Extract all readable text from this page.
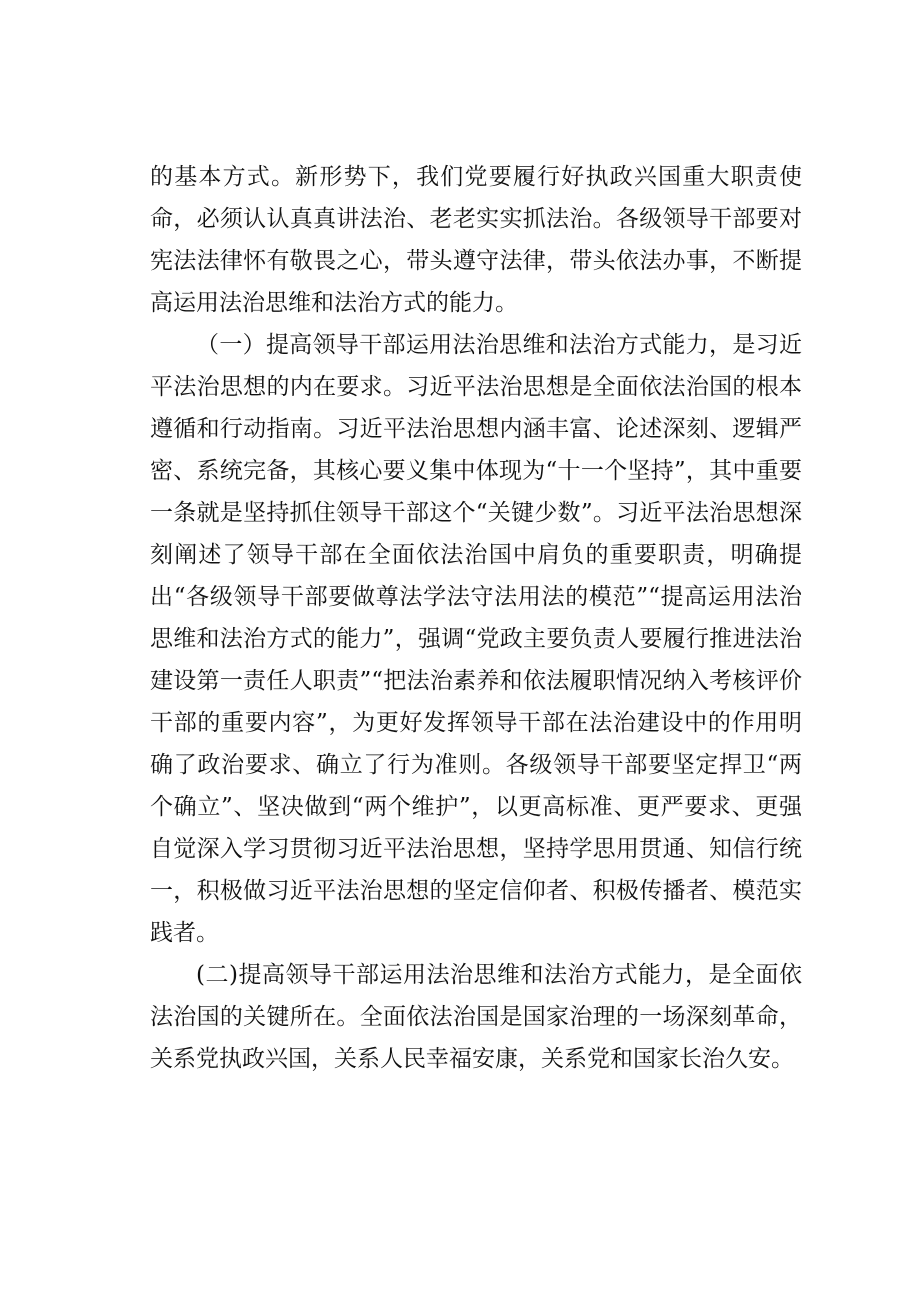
的基本方式。新形势下，我们党要履行好执政兴国重大职责使命，必须认认真真讲法治、老老实实抓法治。各级领导干部要对宪法法律怀有敬畏之心，带头遵守法律，带头依法办事，不断提高运用法治思维和法治方式的能力。

（一）提高领导干部运用法治思维和法治方式能力，是习近平法治思想的内在要求。习近平法治思想是全面依法治国的根本遵循和行动指南。习近平法治思想内涵丰富、论述深刻、逻辑严密、系统完备，其核心要义集中体现为“十一个坚持”，其中重要一条就是坚持抓住领导干部这个“关键少数”。习近平法治思想深刻阐述了领导干部在全面依法治国中肩负的重要职责，明确提出“各级领导干部要做尊法学法守法用法的模范”“提高运用法治思维和法治方式的能力”，强调“党政主要负责人要履行推进法治建设第一责任人职责”“把法治素养和依法履职情况纳入考核评价干部的重要内容”，为更好发挥领导干部在法治建设中的作用明确了政治要求、确立了行为准则。各级领导干部要坚定捍卫“两个确立”、坚决做到“两个维护”，以更高标准、更严要求、更强自觉深入学习贯彻习近平法治思想，坚持学思用贯通、知信行统一，积极做习近平法治思想的坚定信仰者、积极传播者、模范实践者。

(二)提高领导干部运用法治思维和法治方式能力，是全面依法治国的关键所在。全面依法治国是国家治理的一场深刻革命，关系党执政兴国，关系人民幸福安康，关系党和国家长治久安。
